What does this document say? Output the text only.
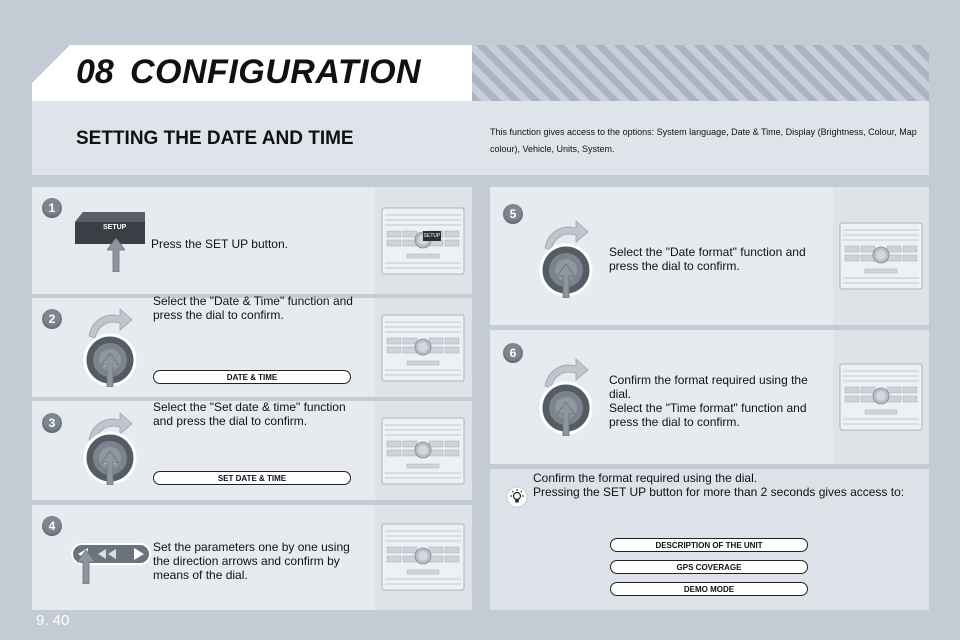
08 CONFIGURATION
SETTING THE DATE AND TIME	This function gives access to the options: System language, Date & Time, Display (Brightness, Colour, Map colour), Vehicle, Units, System.
SETUP
1
SETUP
Press the SET UP button.
2
Select the "Date & Time" function and press the dial to confirm.
DATE & TIME
3
Select the "Set date & time" function and press the dial to confirm.
SET DATE & TIME
4
Set the parameters one by one using the direction arrows and confirm by means of the dial.
5
Select the "Date format" function and press the dial to confirm.
6
Confirm the format required using the dial.
Select the "Time format" function and press the dial to confirm.
Confirm the format required using the dial.
Pressing the SET UP button for more than 2 seconds gives access to:
DESCRIPTION OF THE UNIT
GPS COVERAGE
DEMO MODE
9. 40
